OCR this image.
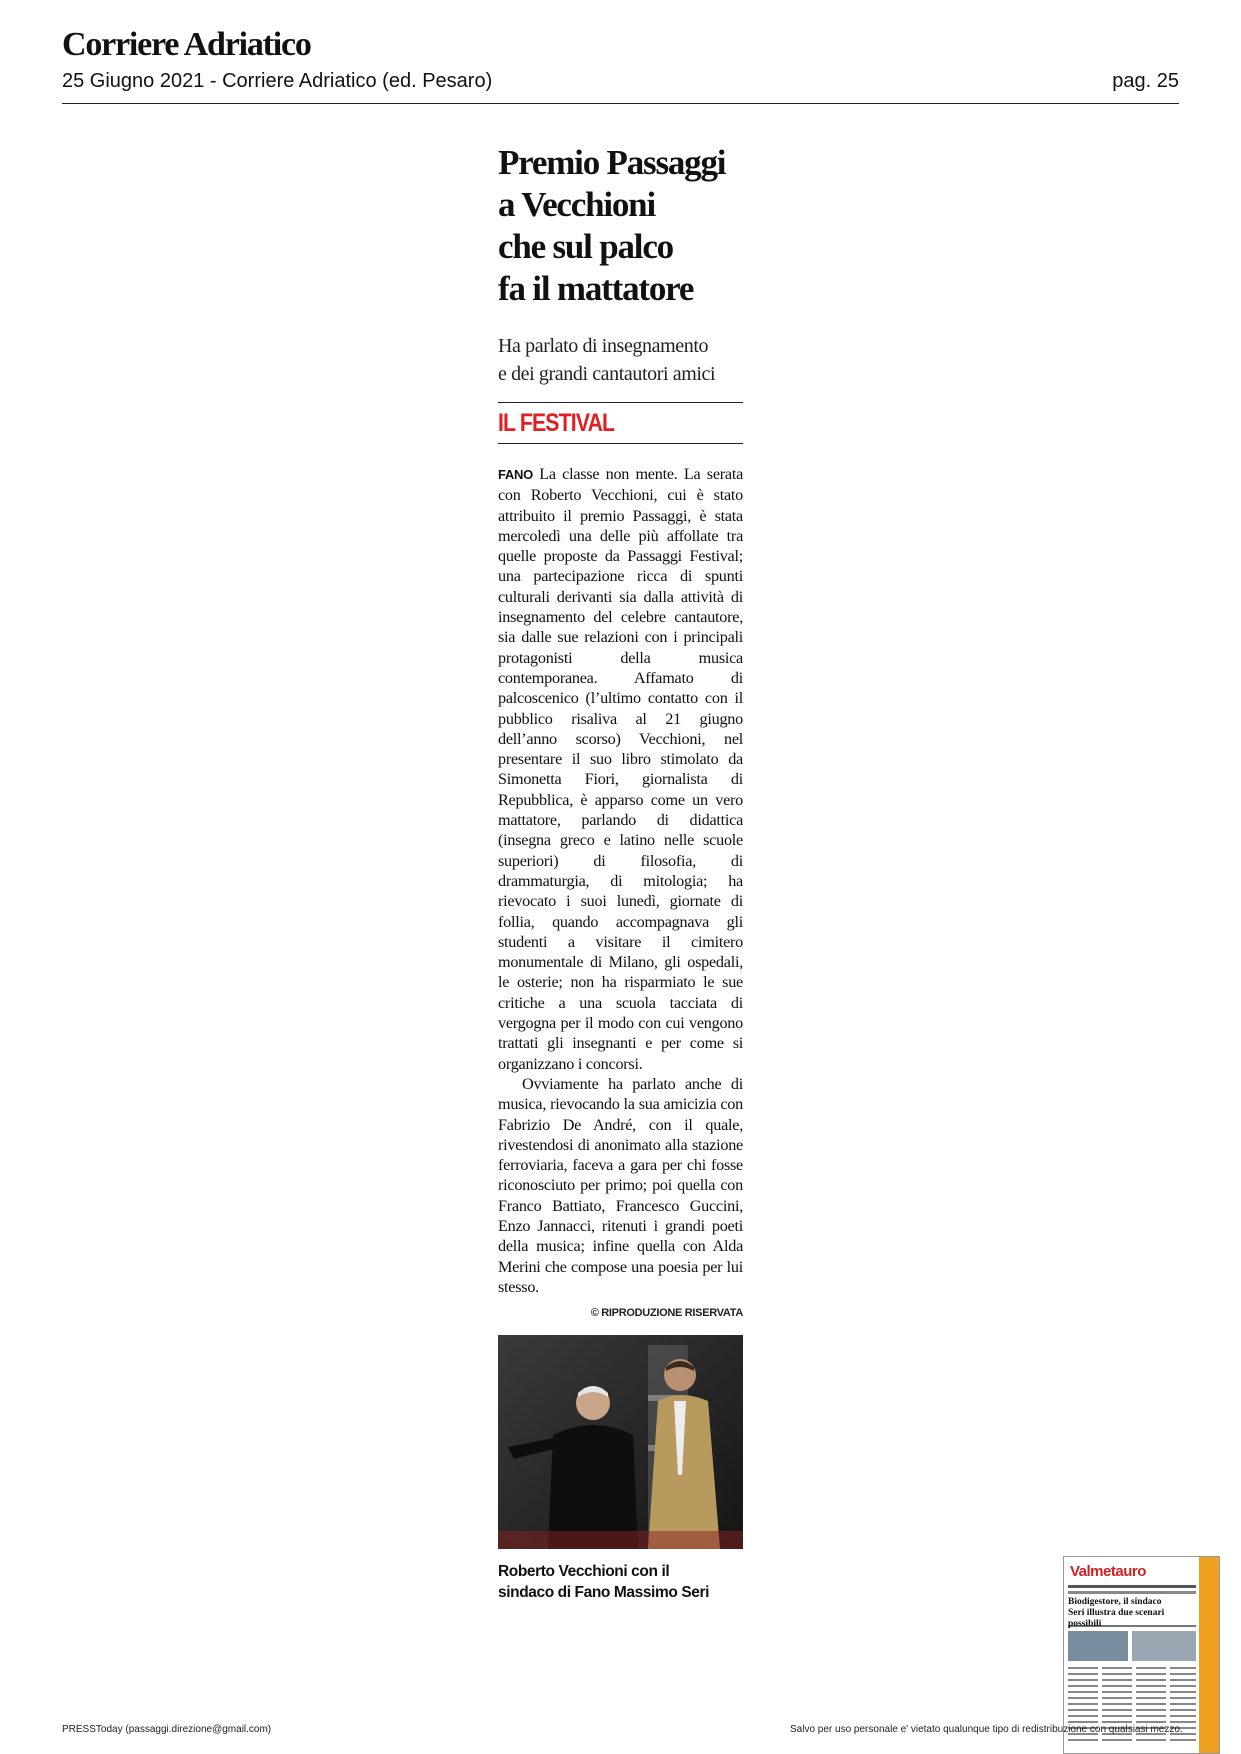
Corriere Adriatico
25 Giugno 2021 - Corriere Adriatico (ed. Pesaro)	pag. 25
Premio Passaggi
a Vecchioni
che sul palco
fa il mattatore
Ha parlato di insegnamento
e dei grandi cantautori amici
IL FESTIVAL

FANO La classe non mente. La serata con Roberto Vecchioni, cui è stato attribuito il premio Passaggi, è stata mercoledì una delle più affollate tra quelle proposte da Passaggi Festival; una partecipazione ricca di spunti culturali derivanti sia dalla attività di insegnamento del celebre cantautore, sia dalle sue relazioni con i principali protagonisti della musica contemporanea. Affamato di palcoscenico (l’ultimo contatto con il pubblico risaliva al 21 giugno dell’anno scorso) Vecchioni, nel presentare il suo libro stimolato da Simonetta Fiori, giornalista di Repubblica, è apparso come un vero mattatore, parlando di didattica (insegna greco e latino nelle scuole superiori) di filosofia, di drammaturgia, di mitologia; ha rievocato i suoi lunedì, giornate di follia, quando accompagnava gli studenti a visitare il cimitero monumentale di Milano, gli ospedali, le osterie; non ha risparmiato le sue critiche a una scuola tacciata di vergogna per il modo con cui vengono trattati gli insegnanti e per come si organizzano i concorsi.

Ovviamente ha parlato anche di musica, rievocando la sua amicizia con Fabrizio De André, con il quale, rivestendosi di anonimato alla stazione ferroviaria, faceva a gara per chi fosse riconosciuto per primo; poi quella con Franco Battiato, Francesco Guccini, Enzo Jannacci, ritenuti i grandi poeti della musica; infine quella con Alda Merini che compose una poesia per lui stesso.

© RIPRODUZIONE RISERVATA
Roberto Vecchioni con il
sindaco di Fano Massimo Seri
Valmetauro
Biodigestore, il sindaco Seri illustra due scenari possibili
PRESSToday (passaggi.direzione@gmail.com)	Salvo per uso personale e' vietato qualunque tipo di redistribuzione con qualsiasi mezzo.
